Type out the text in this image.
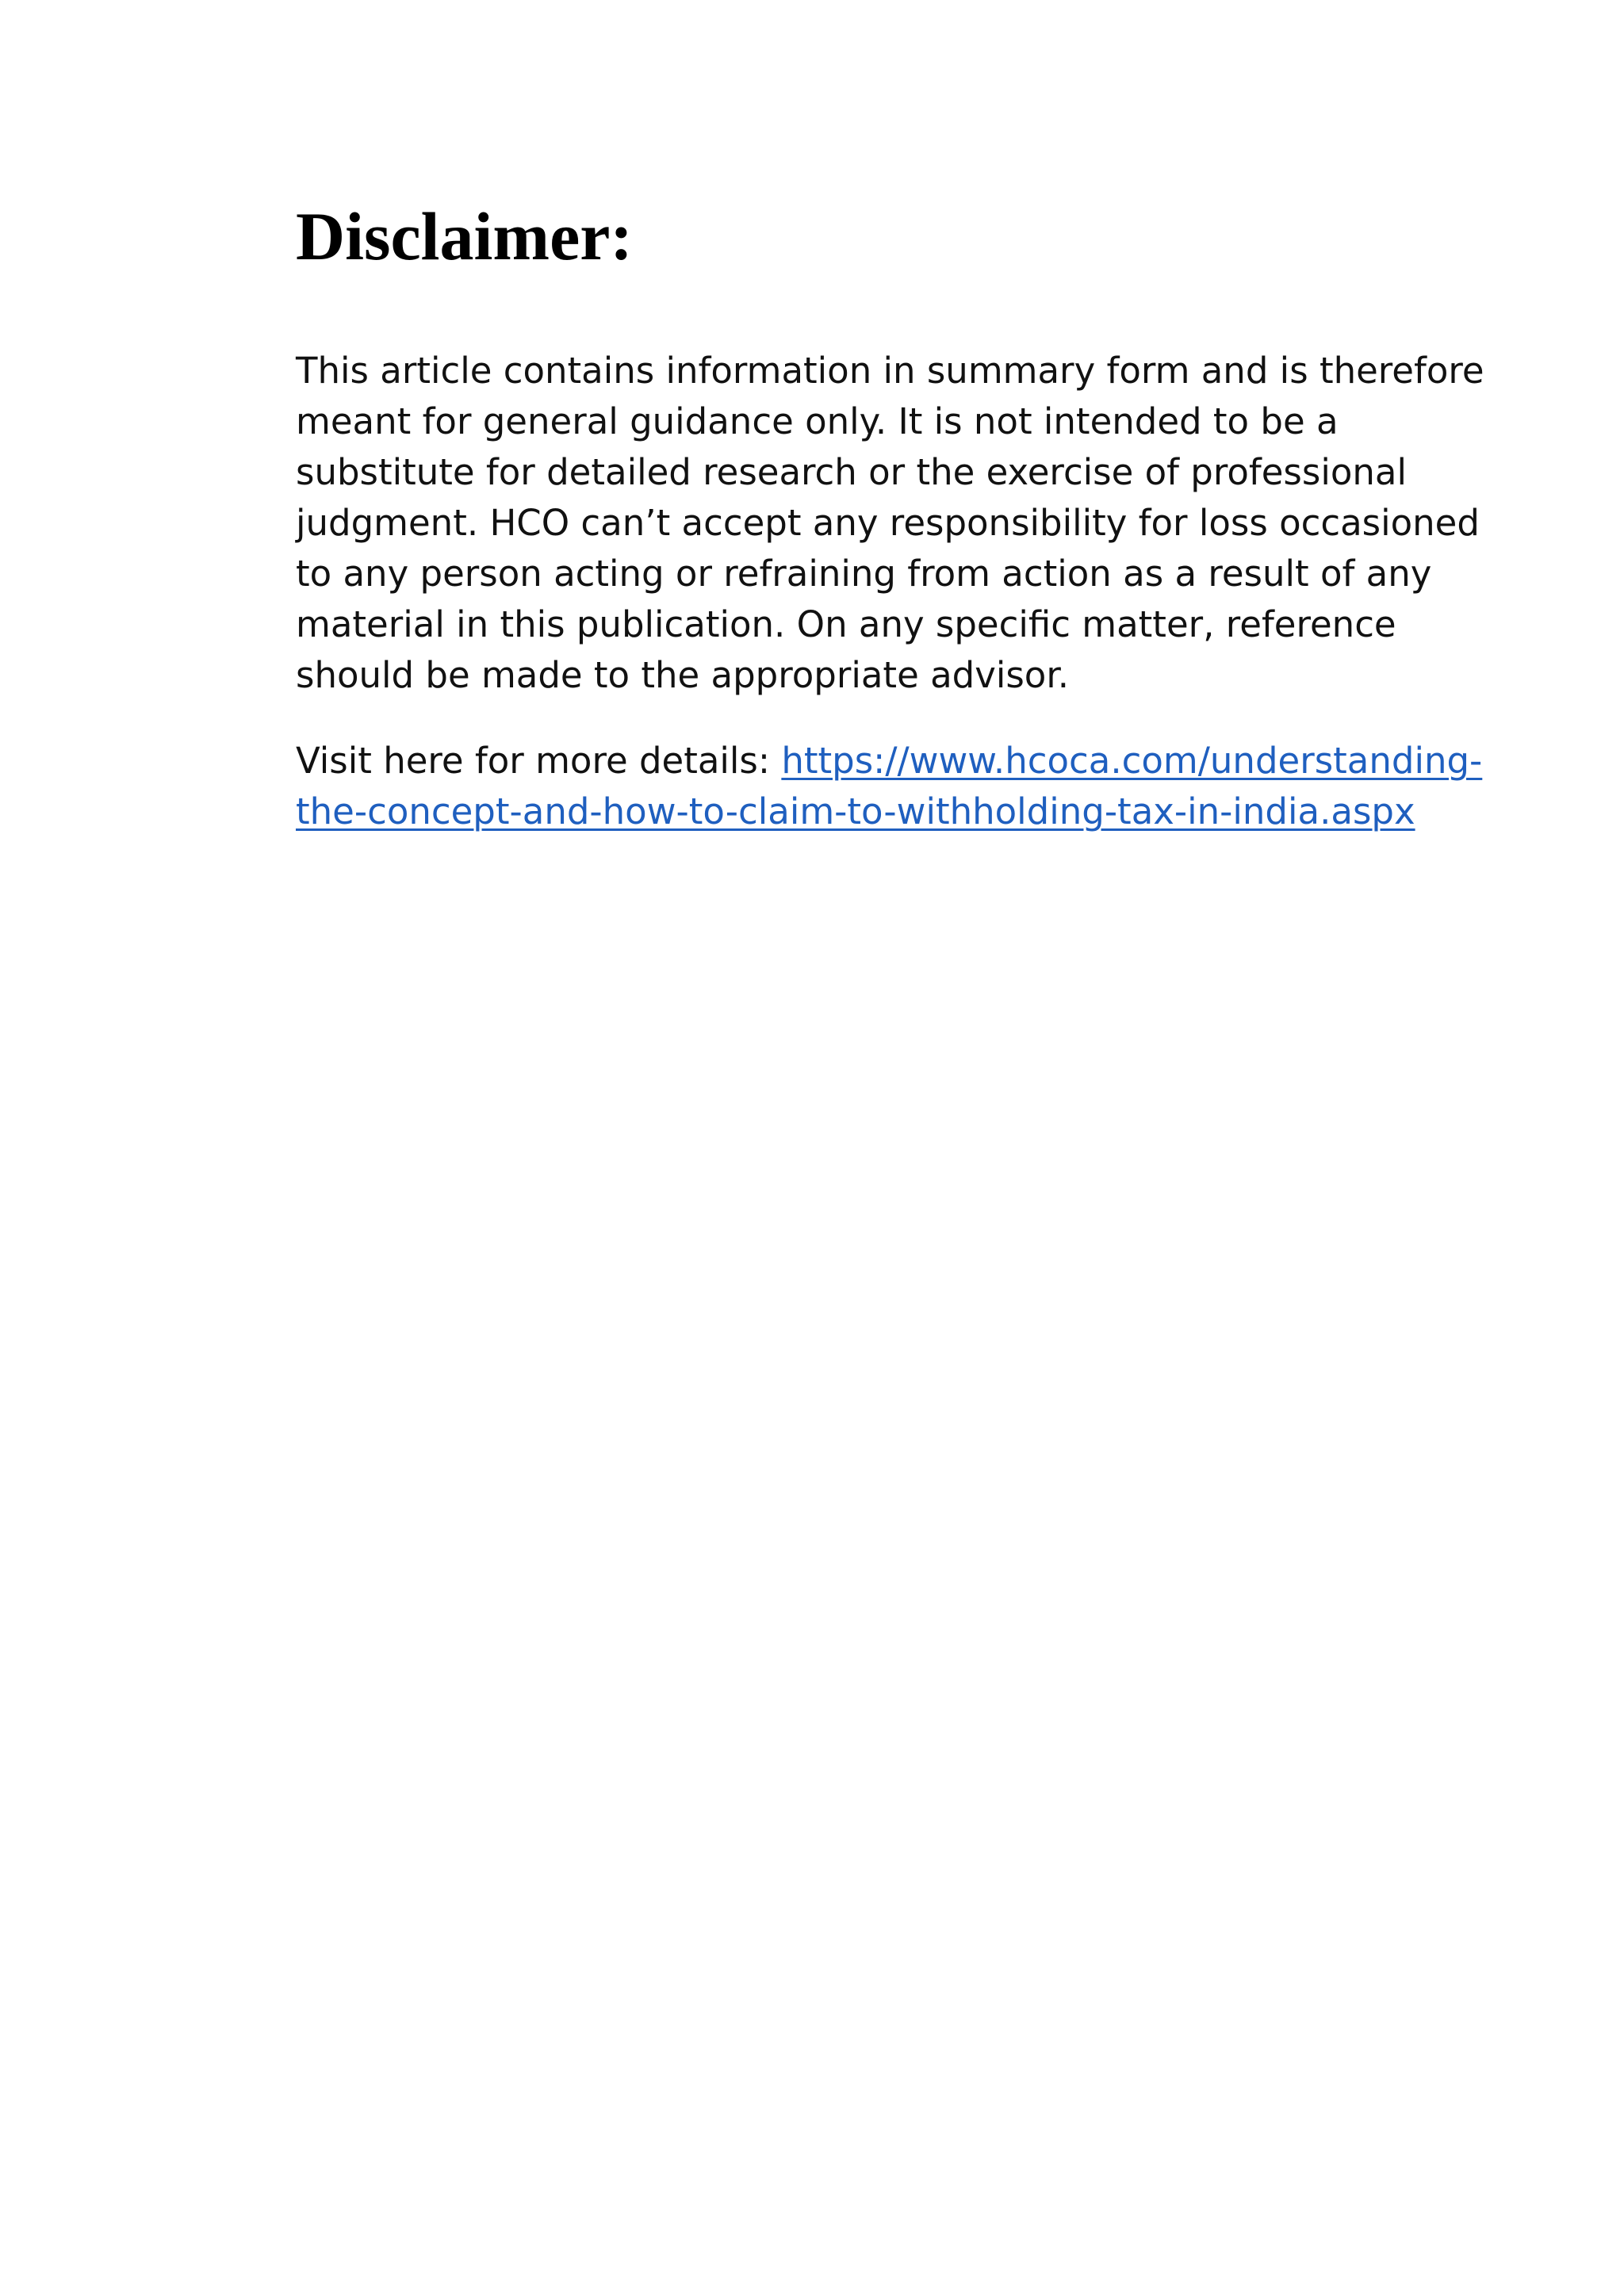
Disclaimer:

This article contains information in summary form and is therefore
meant for general guidance only. It is not intended to be a
substitute for detailed research or the exercise of professional
judgment. HCO can’t accept any responsibility for loss occasioned
to any person acting or refraining from action as a result of any
material in this publication. On any specific matter, reference
should be made to the appropriate advisor.

Visit here for more details: https://www.hcoca.com/understanding-
the-concept-and-how-to-claim-to-withholding-tax-in-india.aspx
